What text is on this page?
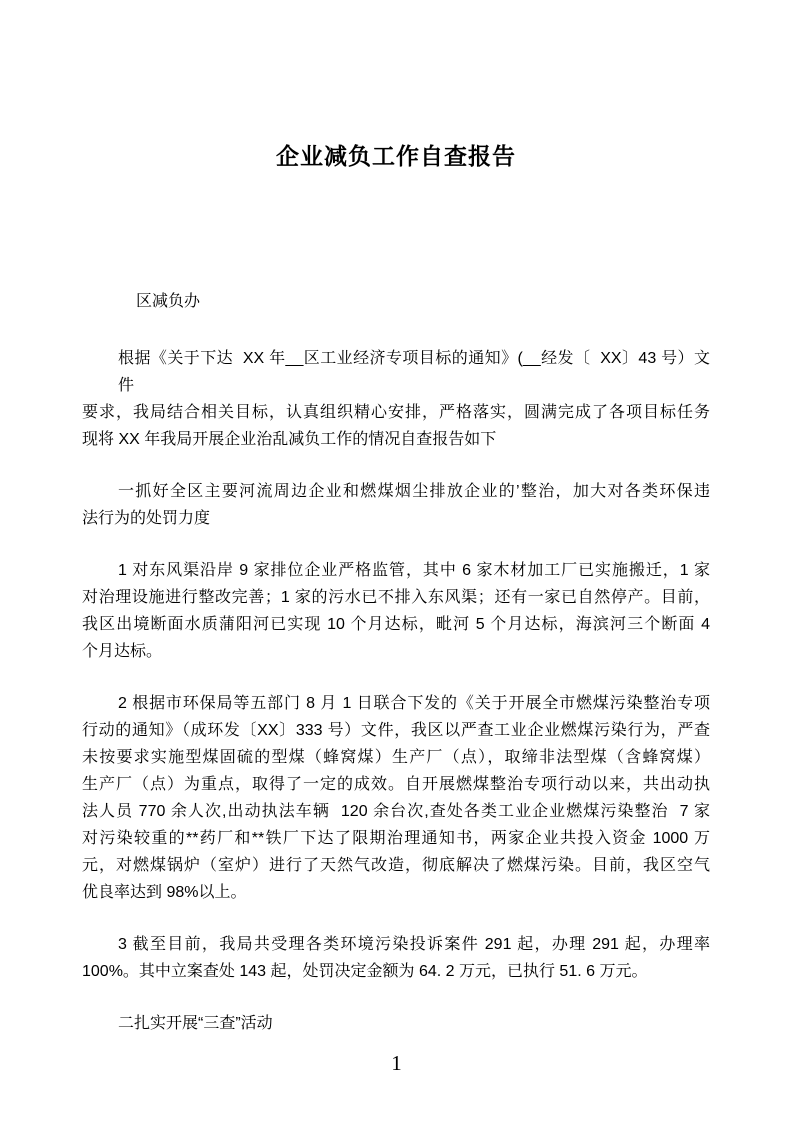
企业减负工作自查报告
区减负办
根据《关于下达  XX 年__区工业经济专项目标的通知》(__经发〔  XX〕43 号）文件
要求，我局结合相关目标，认真组织精心安排，严格落实，圆满完成了各项目标任务
现将 XX 年我局开展企业治乱减负工作的情况自查报告如下
一抓好全区主要河流周边企业和燃煤烟尘排放企业的’整治，加大对各类环保违
法行为的处罚力度
1 对东风渠沿岸 9 家排位企业严格监管，其中 6 家木材加工厂已实施搬迁，1 家
对治理设施进行整改完善；1 家的污水已不排入东风渠；还有一家已自然停产。目前，
我区出境断面水质蒲阳河已实现 10 个月达标，毗河 5 个月达标，海滨河三个断面 4
个月达标。
2 根据市环保局等五部门 8 月 1 日联合下发的《关于开展全市燃煤污染整治专项
行动的通知》（成环发〔XX〕333 号）文件，我区以严查工业企业燃煤污染行为，严查
未按要求实施型煤固硫的型煤（蜂窝煤）生产厂（点），取缔非法型煤（含蜂窝煤）
生产厂（点）为重点，取得了一定的成效。自开展燃煤整治专项行动以来，共出动执
法人员 770 余人次,出动执法车辆  120 余台次,查处各类工业企业燃煤污染整治  7 家
对污染较重的**药厂和**铁厂下达了限期治理通知书，两家企业共投入资金 1000 万
元，对燃煤锅炉（室炉）进行了天然气改造，彻底解决了燃煤污染。目前，我区空气
优良率达到 98%以上。
3 截至目前，我局共受理各类环境污染投诉案件 291 起，办理 291 起，办理率
100%。其中立案查处 143 起，处罚决定金额为 64. 2 万元，已执行 51. 6 万元。
二扎实开展“三查”活动
1
